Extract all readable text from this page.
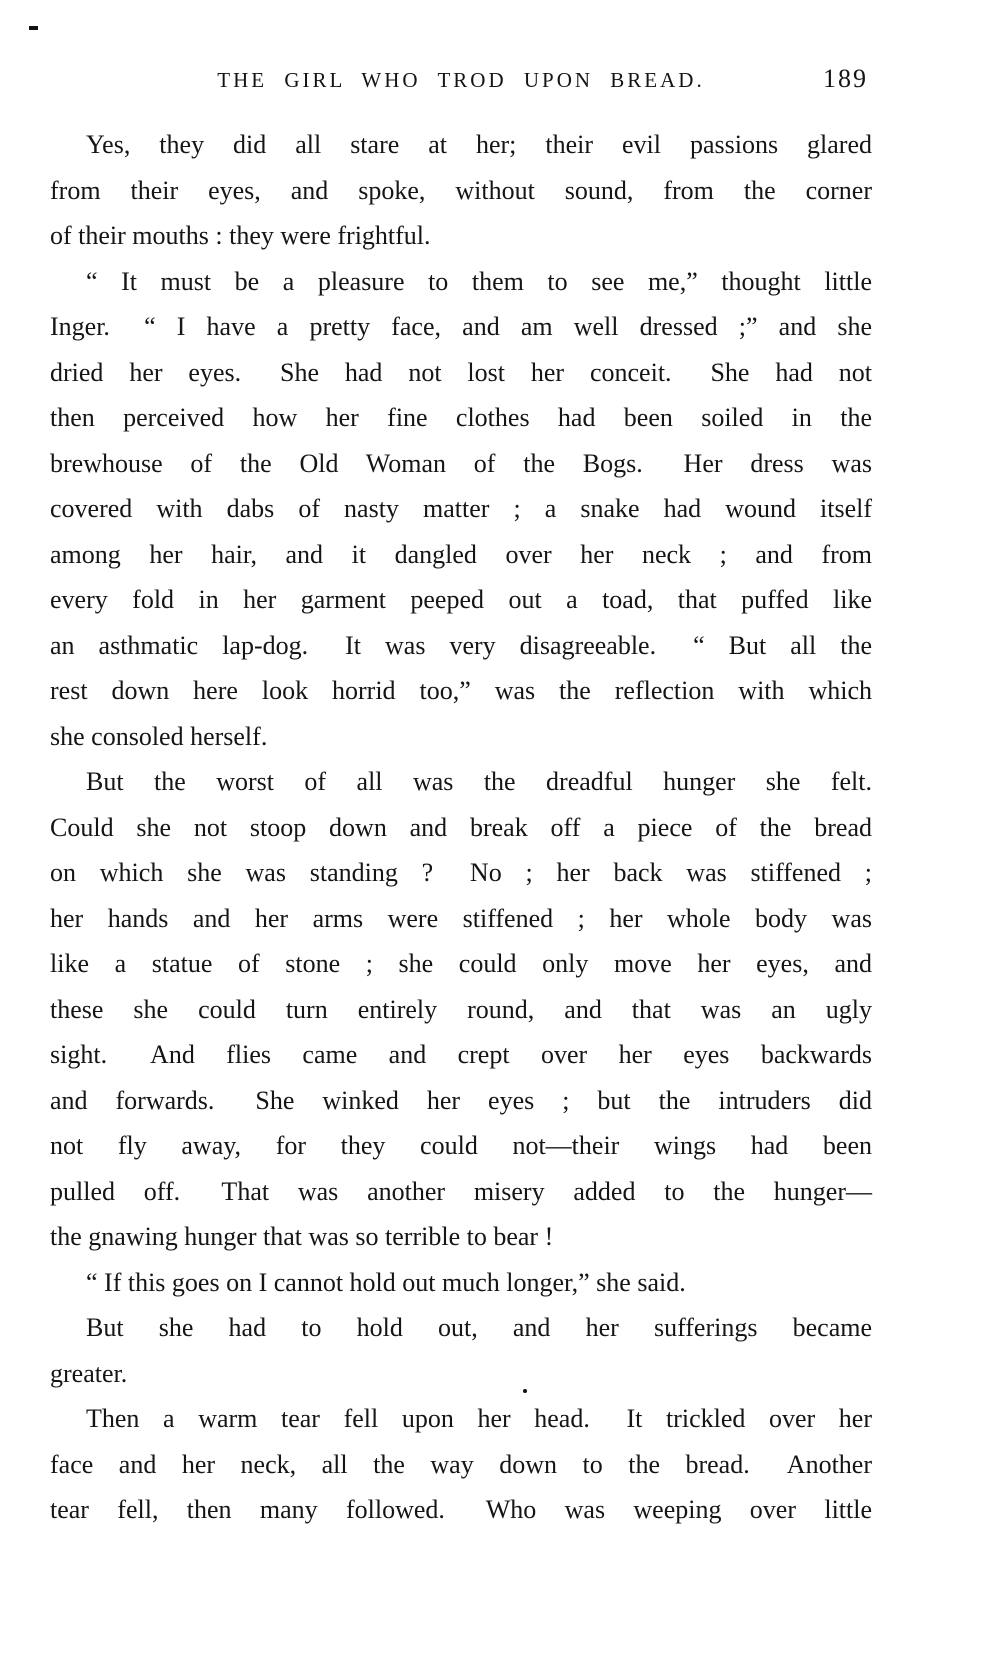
THE GIRL WHO TROD UPON BREAD.	189
Yes, they did all stare at her; their evil passions glared
from their eyes, and spoke, without sound, from the corner
of their mouths : they were frightful.
“ It must be a pleasure to them to see me,” thought little
Inger.  “ I have a pretty face, and am well dressed ;” and she
dried her eyes.  She had not lost her conceit.  She had not
then perceived how her fine clothes had been soiled in the
brewhouse of the Old Woman of the Bogs.  Her dress was
covered with dabs of nasty matter ; a snake had wound itself
among her hair, and it dangled over her neck ; and from
every fold in her garment peeped out a toad, that puffed like
an asthmatic lap-dog.  It was very disagreeable.  “ But all the
rest down here look horrid too,” was the reflection with which
she consoled herself.
But the worst of all was the dreadful hunger she felt.
Could she not stoop down and break off a piece of the bread
on which she was standing ?  No ; her back was stiffened ;
her hands and her arms were stiffened ; her whole body was
like a statue of stone ; she could only move her eyes, and
these she could turn entirely round, and that was an ugly
sight.  And flies came and crept over her eyes backwards
and forwards.  She winked her eyes ; but the intruders did
not fly away, for they could not—their wings had been
pulled off.  That was another misery added to the hunger—
the gnawing hunger that was so terrible to bear !
“ If this goes on I cannot hold out much longer,” she said.
But she had to hold out, and her sufferings became
greater.
Then a warm tear fell upon her head.  It trickled over her
face and her neck, all the way down to the bread.  Another
tear fell, then many followed.  Who was weeping over little
